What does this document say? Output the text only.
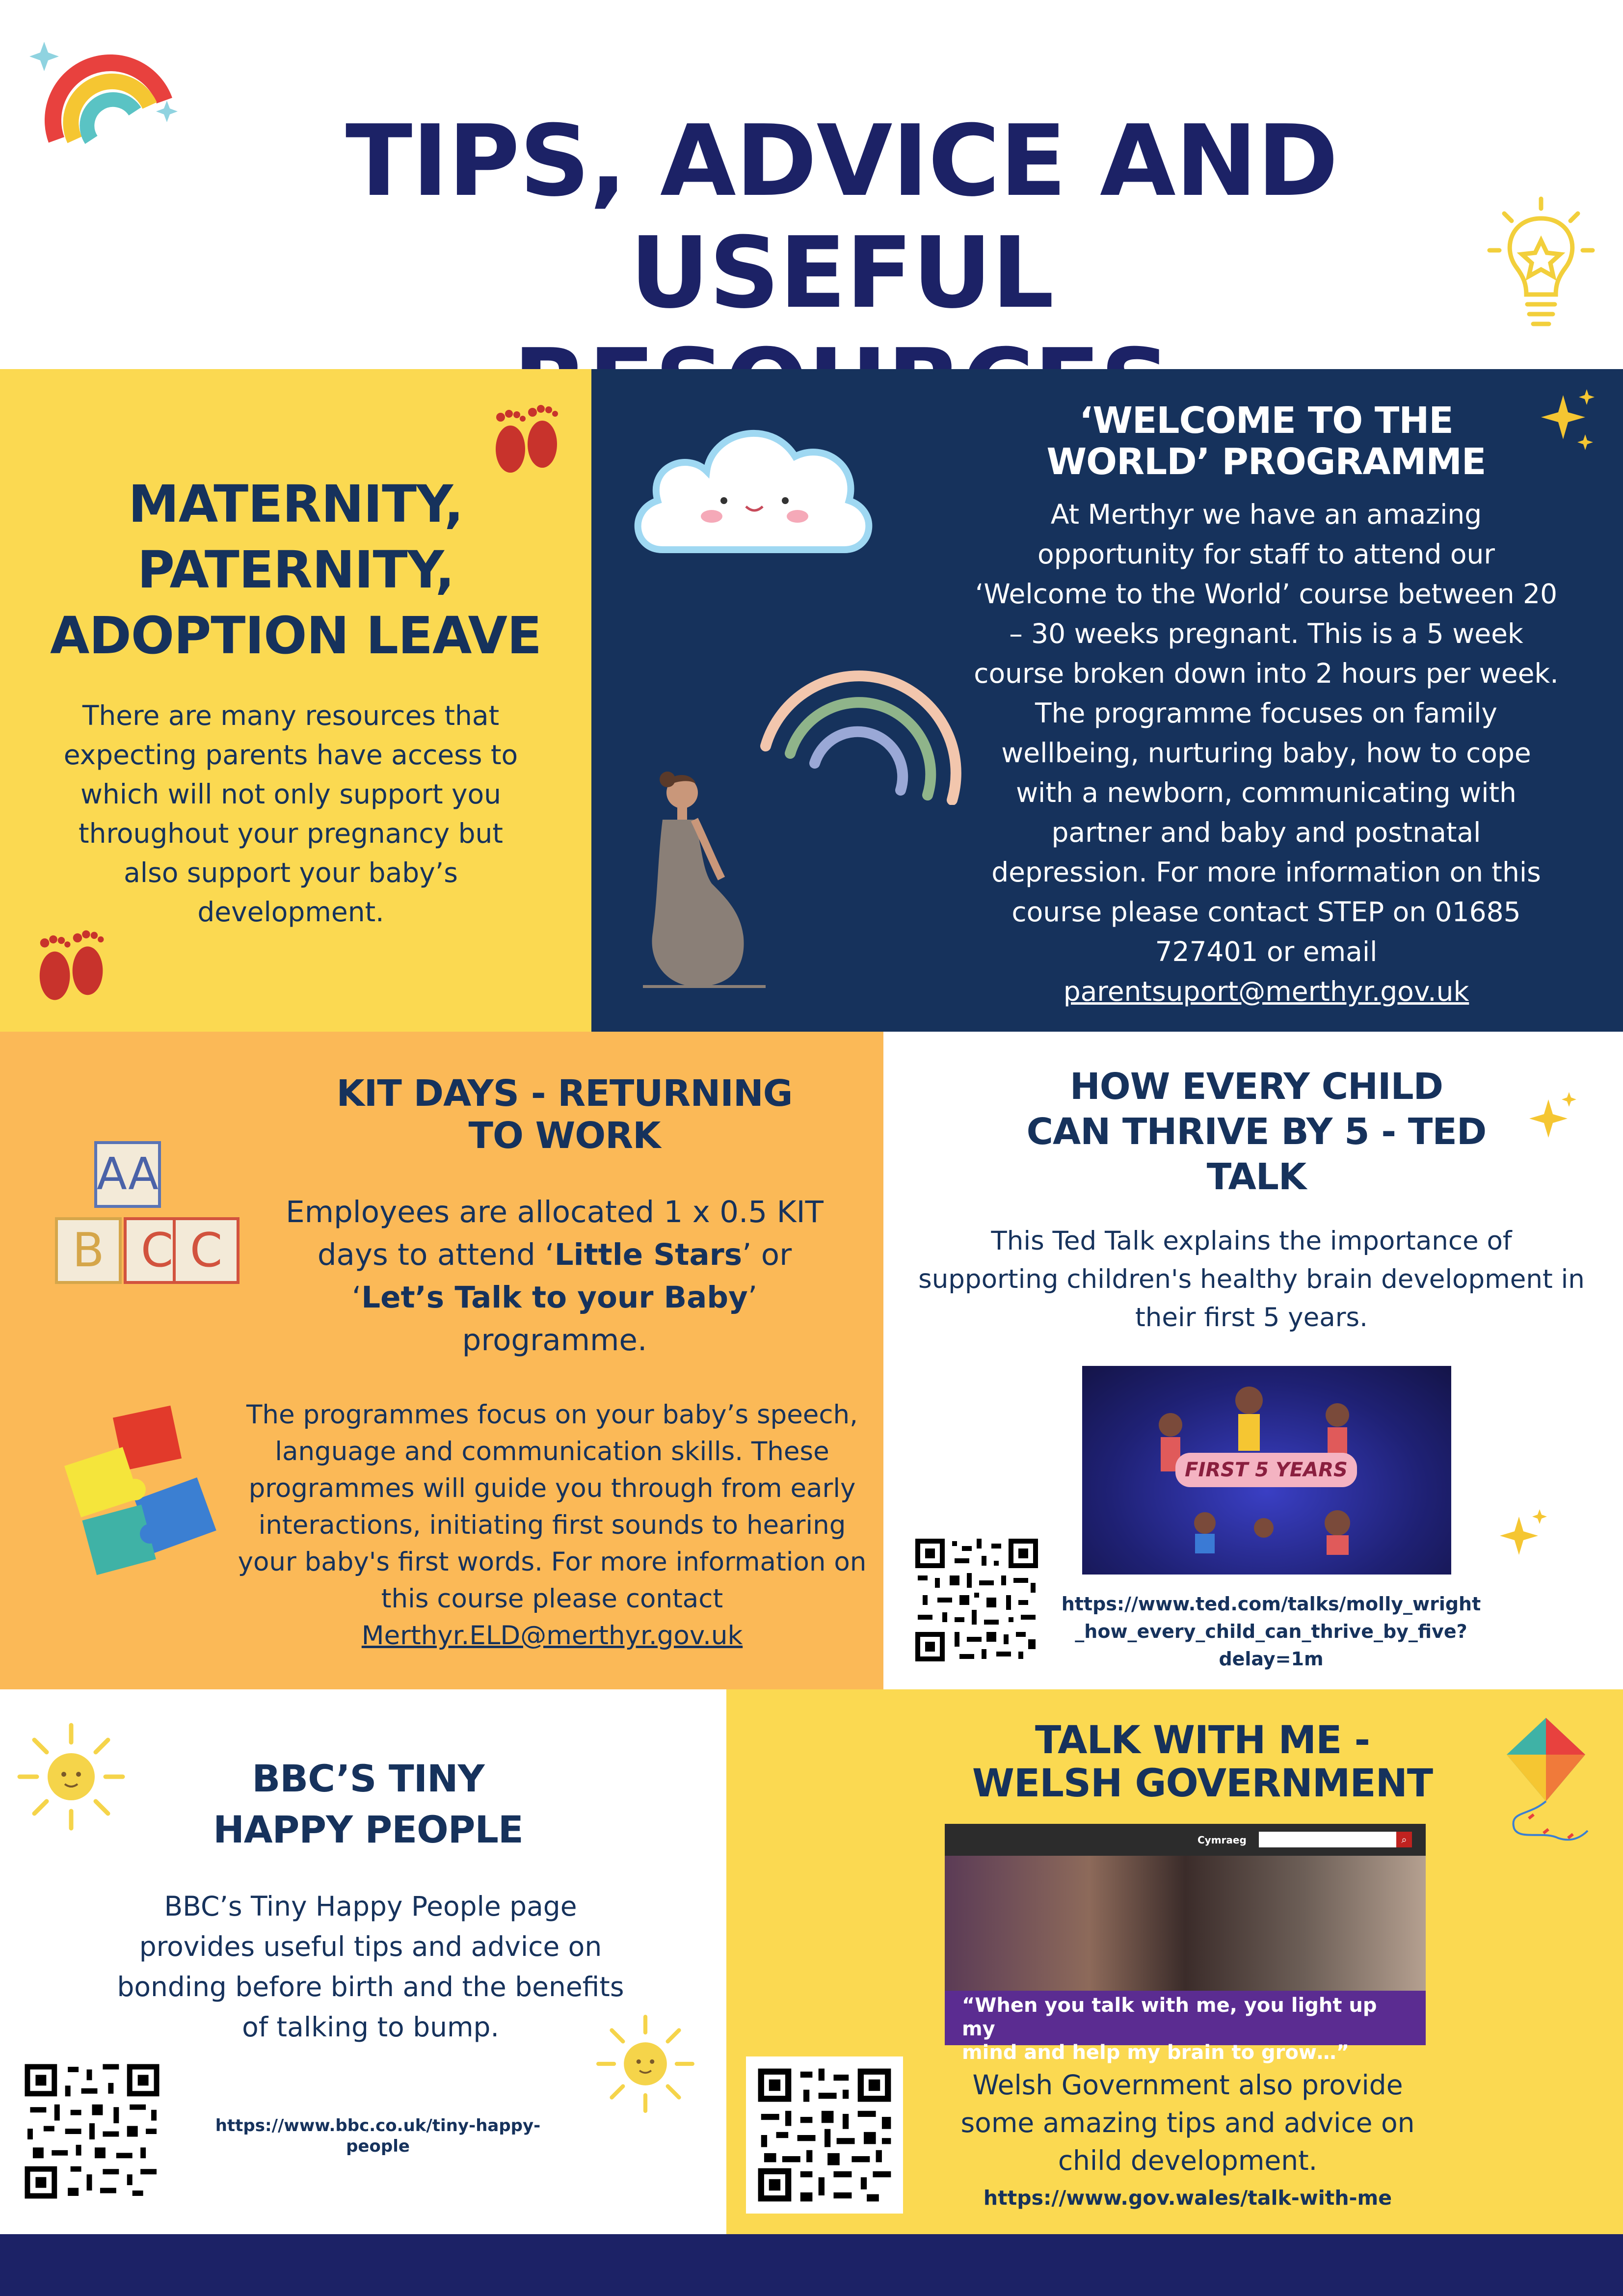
TIPS, ADVICE AND USEFUL
MATERNITY,
PATERNITY,
ADOPTION LEAVE
There are many resources that expecting parents have access to which will not only support you throughout your pregnancy but also support your baby’s development.
‘WELCOME TO THE
WORLD’ PROGRAMME
At Merthyr we have an amazing opportunity for staff to attend our ‘Welcome to the World’ course between 20 – 30 weeks pregnant. This is a 5 week course broken down into 2 hours per week. The programme focuses on family wellbeing, nurturing baby, how to cope with a newborn, communicating with partner and baby and postnatal depression. For more information on this course please contact STEP on 01685 727401 or email
parentsuport@merthyr.gov.uk
AA
B C C
KIT DAYS - RETURNING
TO WORK
Employees are allocated 1 x 0.5 KIT days to attend ‘Little Stars’ or ‘Let’s Talk to your Baby’ programme.
The programmes focus on your baby’s speech, language and communication skills. These programmes will guide you through from early interactions, initiating first sounds to hearing your baby's first words. For more information on this course please contact
Merthyr.ELD@merthyr.gov.uk
HOW EVERY CHILD
CAN THRIVE BY 5 - TED
TALK
This Ted Talk explains the importance of supporting children's healthy brain development in their first 5 years.
FIRST 5 YEARS
https://www.ted.com/talks/molly_wright
_how_every_child_can_thrive_by_five?
delay=1m
BBC’S TINY
HAPPY PEOPLE
BBC’s Tiny Happy People page provides useful tips and advice on bonding before birth and the benefits of talking to bump.
https://www.bbc.co.uk/tiny-happy-
people
TALK WITH ME -
WELSH GOVERNMENT
Cymraeg	⌕
“When you talk with me, you light up my
mind and help my brain to grow…”
Welsh Government also provide some amazing tips and advice on child development.
https://www.gov.wales/talk-with-me
